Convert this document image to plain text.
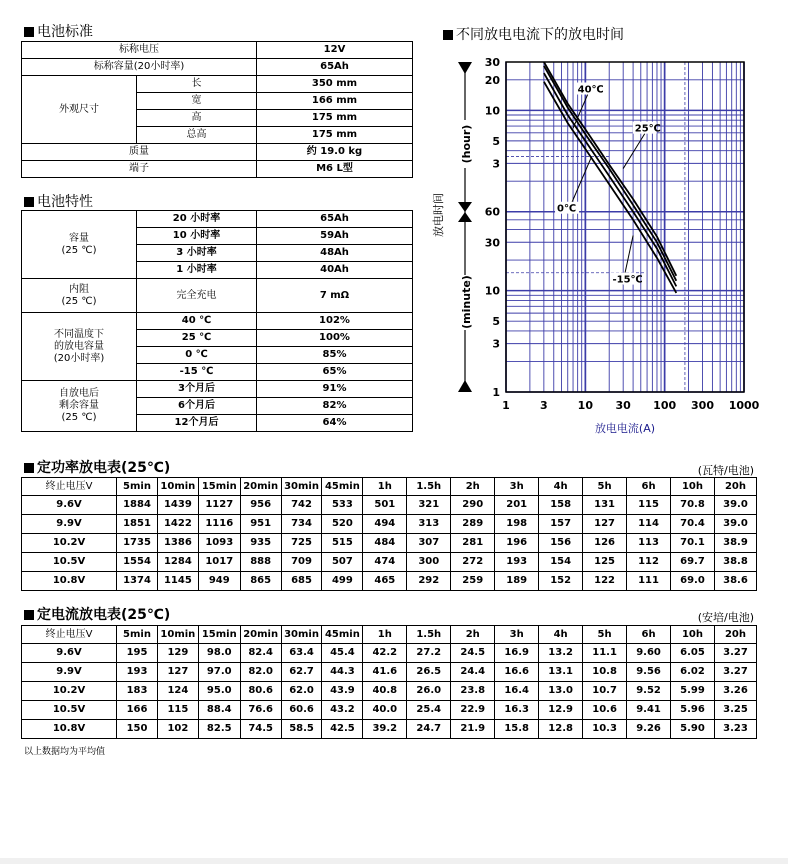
电池标准
标称电压		12V
标称容量(20小时率)		65Ah
外观尺寸	长	350 mm
	宽	166 mm
	高	175 mm
	总高	175 mm
质量		约 19.0 kg
端子		M6 L型
电池特性
容量
(25 ℃)	20 小时率	65Ah
	10 小时率	59Ah
	3 小时率	48Ah
	1 小时率	40Ah
内阻
(25 ℃)	完全充电	7 mΩ
不同温度下
的放电容量
(20小时率)	40 ℃	102%
	25 ℃	100%
	0 ℃	85%
	-15 ℃	65%
自放电后
剩余容量
(25 ℃)	3个月后	91%
	6个月后	82%
	12个月后	64%
不同放电电流下的放电时间
40℃
25℃
0℃
-15℃
1	3	10 30 100 300 1000
30
20
10
5
3
60
30
10
5
3
1
(hour)
(minute)
放电时间
放电电流(A)
定功率放电表(25℃)	(瓦特/电池)
终止电压V	5min	10min	15min	20min	30min	45min	1h	1.5h	2h	3h	4h	5h	6h	10h	20h
9.6V	1884	1439	1127	956	742	533	501	321	290	201	158	131	115	70.8	39.0
9.9V	1851	1422	1116	951	734	520	494	313	289	198	157	127	114	70.4	39.0
10.2V	1735	1386	1093	935	725	515	484	307	281	196	156	126	113	70.1	38.9
10.5V	1554	1284	1017	888	709	507	474	300	272	193	154	125	112	69.7	38.8
10.8V	1374	1145	949	865	685	499	465	292	259	189	152	122	111	69.0	38.6
定电流放电表(25℃)	(安培/电池)
终止电压V	5min	10min	15min	20min	30min	45min	1h	1.5h	2h	3h	4h	5h	6h	10h	20h
9.6V	195	129	98.0	82.4	63.4	45.4	42.2	27.2	24.5	16.9	13.2	11.1	9.60	6.05	3.27
9.9V	193	127	97.0	82.0	62.7	44.3	41.6	26.5	24.4	16.6	13.1	10.8	9.56	6.02	3.27
10.2V	183	124	95.0	80.6	62.0	43.9	40.8	26.0	23.8	16.4	13.0	10.7	9.52	5.99	3.26
10.5V	166	115	88.4	76.6	60.6	43.2	40.0	25.4	22.9	16.3	12.9	10.6	9.41	5.96	3.25
10.8V	150	102	82.5	74.5	58.5	42.5	39.2	24.7	21.9	15.8	12.8	10.3	9.26	5.90	3.23
以上数据均为平均值
